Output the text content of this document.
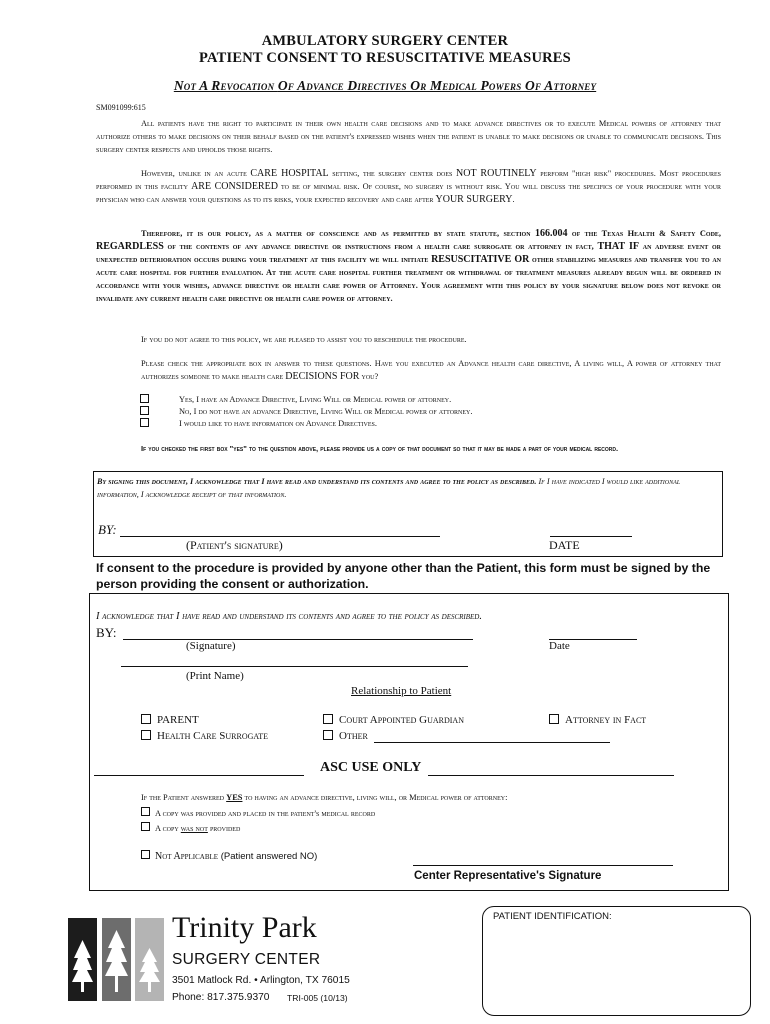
AMBULATORY SURGERY CENTER
PATIENT CONSENT TO RESUSCITATIVE MEASURES
Not A Revocation Of Advance Directives Or Medical Powers Of Attorney
SM091099:615
All patients have the right to participate in their own health care decisions and to make advance directives or to execute Medical powers of attorney that authorize others to make decisions on their behalf based on the patient's expressed wishes when the patient is unable to make decisions or unable to communicate decisions. This surgery center respects and upholds those rights.
However, unlike in an acute CARE HOSPITAL setting, the surgery center does NOT ROUTINELY perform "high risk" procedures. Most procedures performed in this facility ARE CONSIDERED to be of minimal risk. Of course, no surgery is without risk. You will discuss the specifics of your procedure with your physician who can answer your questions as to its risks, your expected recovery and care after YOUR SURGERY.
Therefore, it is our policy, as a matter of conscience and as permitted by state statute, section 166.004 of the Texas Health & Safety Code, REGARDLESS of the contents of any advance directive or instructions from a health care surrogate or attorney in fact, THAT IF an adverse event or unexpected deterioration occurs during your treatment at this facility we will initiate RESUSCITATIVE OR other stabilizing measures and transfer you to an acute care hospital for further evaluation. At the acute care hospital further treatment or withdrawal of treatment measures already begun will be ordered in accordance with your wishes, advance directive or health care power of Attorney. Your agreement with this policy by your signature below does not revoke or invalidate any current health care directive or health care power of attorney.
If you do not agree to this policy, we are pleased to assist you to reschedule the procedure.
Please check the appropriate box in answer to these questions. Have you executed an Advance health care directive, A living will, A power of attorney that authorizes someone to make health care DECISIONS FOR you?
Yes, I have an Advance Directive, Living Will or Medical power of attorney.
No, I do not have an advance Directive, Living Will or Medical power of attorney.
I would like to have information on Advance Directives.
If you checked the first box "yes" to the question above, please provide us a copy of that document so that it may be made a part of your medical record.
By signing this document, I acknowledge that I have read and understand its contents and agree to the policy as described. If I have indicated I would like additional information, I acknowledge receipt of that information.
BY:
(Patient's signature)	DATE
If consent to the procedure is provided by anyone other than the Patient, this form must be signed by the person providing the consent or authorization.
I acknowledge that I have read and understand its contents and agree to the policy as described.
BY:
(Signature)	Date
(Print Name)
Relationship to Patient
PARENT	Court Appointed Guardian	Attorney in Fact
Health Care Surrogate	Other
ASC USE ONLY
If the Patient answered YES to having an advance directive, living will, or Medical power of attorney:
A copy was provided and placed in the patient's medical record
A copy was not provided
Not Applicable (Patient answered NO)
Center Representative's Signature
Trinity Park
SURGERY CENTER
3501 Matlock Rd. • Arlington, TX 76015
Phone: 817.375.9370 TRI-005 (10/13)
PATIENT IDENTIFICATION:
